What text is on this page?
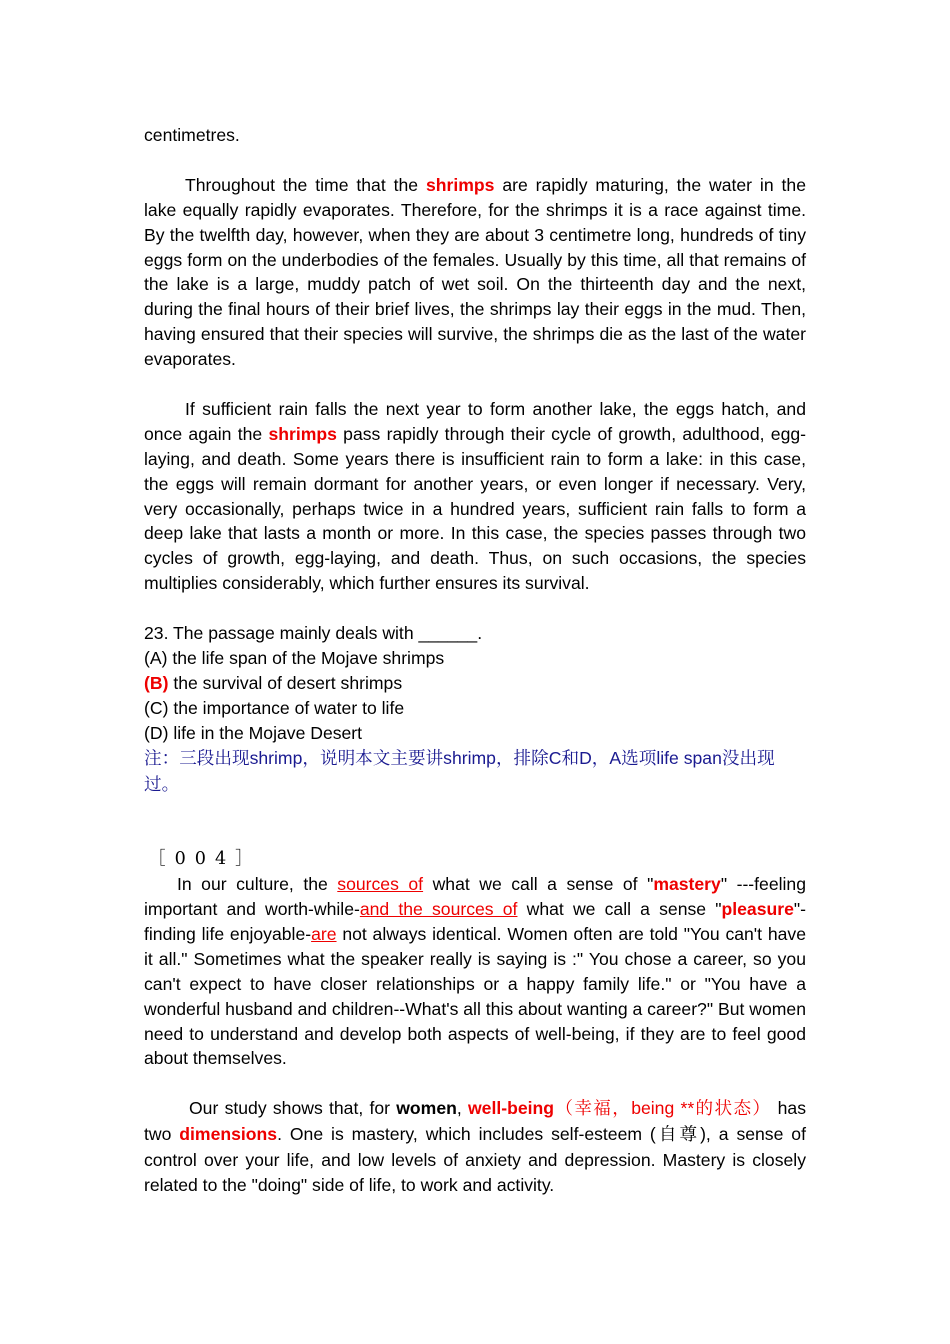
centimetres.

Throughout the time that the shrimps are rapidly maturing, the water in the lake equally rapidly evaporates. Therefore, for the shrimps it is a race against time. By the twelfth day, however, when they are about 3 centimetre long, hundreds of tiny eggs form on the underbodies of the females. Usually by this time, all that remains of the lake is a large, muddy patch of wet soil. On the thirteenth day and the next, during the final hours of their brief lives, the shrimps lay their eggs in the mud. Then, having ensured that their species will survive, the shrimps die as the last of the water evaporates.

If sufficient rain falls the next year to form another lake, the eggs hatch, and once again the shrimps pass rapidly through their cycle of growth, adulthood, egg-laying, and death. Some years there is insufficient rain to form a lake: in this case, the eggs will remain dormant for another years, or even longer if necessary. Very, very occasionally, perhaps twice in a hundred years, sufficient rain falls to form a deep lake that lasts a month or more. In this case, the species passes through two cycles of growth, egg-laying, and death. Thus, on such occasions, the species multiplies considerably, which further ensures its survival.

23. The passage mainly deals with ______.

(A) the life span of the Mojave shrimps

(B) the survival of desert shrimps

(C) the importance of water to life

(D) life in the Mojave Desert

注：三段出现shrimp，说明本文主要讲shrimp，排除C和D，A选项life span没出现过。

［004］

In our culture, the sources of what we call a sense of "mastery" ---feeling important and worth-while-and the sources of what we call a sense "pleasure"-finding life enjoyable-are not always identical. Women often are told "You can't have it all." Sometimes what the speaker really is saying is :" You chose a career, so you can't expect to have closer relationships or a happy family life." or "You have a wonderful husband and children--What's all this about wanting a career?" But women need to understand and develop both aspects of well-being, if they are to feel good about themselves.

Our study shows that, for women, well-being（幸福，being **的状态） has two dimensions. One is mastery, which includes self-esteem (自尊), a sense of control over your life, and low levels of anxiety and depression. Mastery is closely related to the "doing" side of life, to work and activity.
